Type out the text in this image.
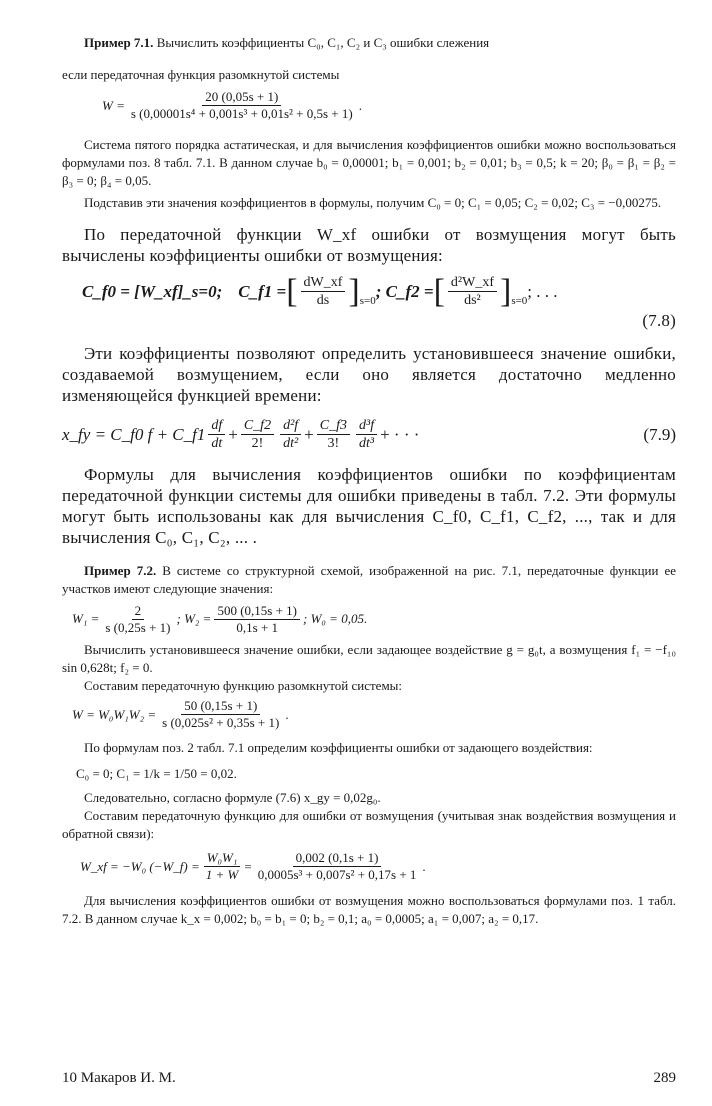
Пример 7.1. Вычислить коэффициенты C₀, C₁, C₂ и C₃ ошибки слежения

если передаточная функция разомкнутой системы

$W = \frac{20 (0,05s + 1)}{\text{s (0,00001s⁴ + 0,001s³ + 0,01s² + 0,5s + 1)}}$ .

Система пятого порядка астатическая, и для вычисления коэффициентов ошибки можно воспользоваться формулами поз. 8 табл. 7.1. В данном случае b₀ = 0,00001; b₁ = 0,001; b₂ = 0,01; b₃ = 0,5; k = 20; β₀ = β₁ = β₂ = β₃ = 0; β₄ = 0,05.

Подставив эти значения коэффициентов в формулы, получим C₀ = 0; C₁ = 0,05; C₂ = 0,02; C₃ = −0,00275.

По передаточной функции W_xf ошибки от возмущения могут быть вычислены коэффициенты ошибки от возмущения:

C_f0 = [W_xf]_s=0; C_f1 = [ $\frac{dW\_xf}{ds}$ ] s=0 ; C_f2 = [ $\frac{\text{d²W\_xf}}{\text{ds²}}$ ] s=0 ; . . .
(7.8)

Эти коэффициенты позволяют определить установившееся значение ошибки, создаваемой возмущением, если оно является достаточно медленно изменяющейся функцией времени:

x_fy = C_f0 f + C_f1 $\frac{df}{dt} + \frac{C\_f2}{2!} \frac{\text{d²f}}{\text{dt²}} + \frac{C\_f3}{3!} \frac{\text{d³f}}{\text{dt³}}$ + · · ·	(7.9)

Формулы для вычисления коэффициентов ошибки по коэффициентам передаточной функции системы для ошибки приведены в табл. 7.2. Эти формулы могут быть использованы как для вычисления C_f0, C_f1, C_f2, ..., так и для вычисления C₀, C₁, C₂, ... .

Пример 7.2. В системе со структурной схемой, изображенной на рис. 7.1, передаточные функции ее участков имеют следующие значения:

$W_1 = \frac{2}{s (0,25s + 1)}$ ; $W_2 = \frac{500 (0,15s + 1)}{0,1s + 1}$ ; W₀ = 0,05.

Вычислить установившееся значение ошибки, если задающее воздействие g = g₀t, а возмущения f₁ = −f₁₀ sin 0,628t; f₂ = 0.

Составим передаточную функцию разомкнутой системы:

$W = W_0W_1W_2 = \frac{50 (0,15s + 1)}{\text{s (0,025s² + 0,35s + 1)}}$ .

По формулам поз. 2 табл. 7.1 определим коэффициенты ошибки от задающего воздействия:

C₀ = 0; C₁ = 1/k = 1/50 = 0,02.

Следовательно, согласно формуле (7.6) x_gy = 0,02g₀.

Составим передаточную функцию для ошибки от возмущения (учитывая знак воздействия возмущения и обратной связи):

W_xf = −W₀ (−W_f) = $\frac{\text{W₀W₁}}{1 + W} = \frac{0,002 (0,1s + 1)}{\text{0,0005s³ + 0,007s² + 0,17s + 1}}$ .

Для вычисления коэффициентов ошибки от возмущения можно воспользоваться формулами поз. 1 табл. 7.2. В данном случае k_x = 0,002; b₀ = b₁ = 0; b₂ = 0,1; a₀ = 0,0005; a₁ = 0,007; a₂ = 0,17.

10 Макаров И. М.	289
